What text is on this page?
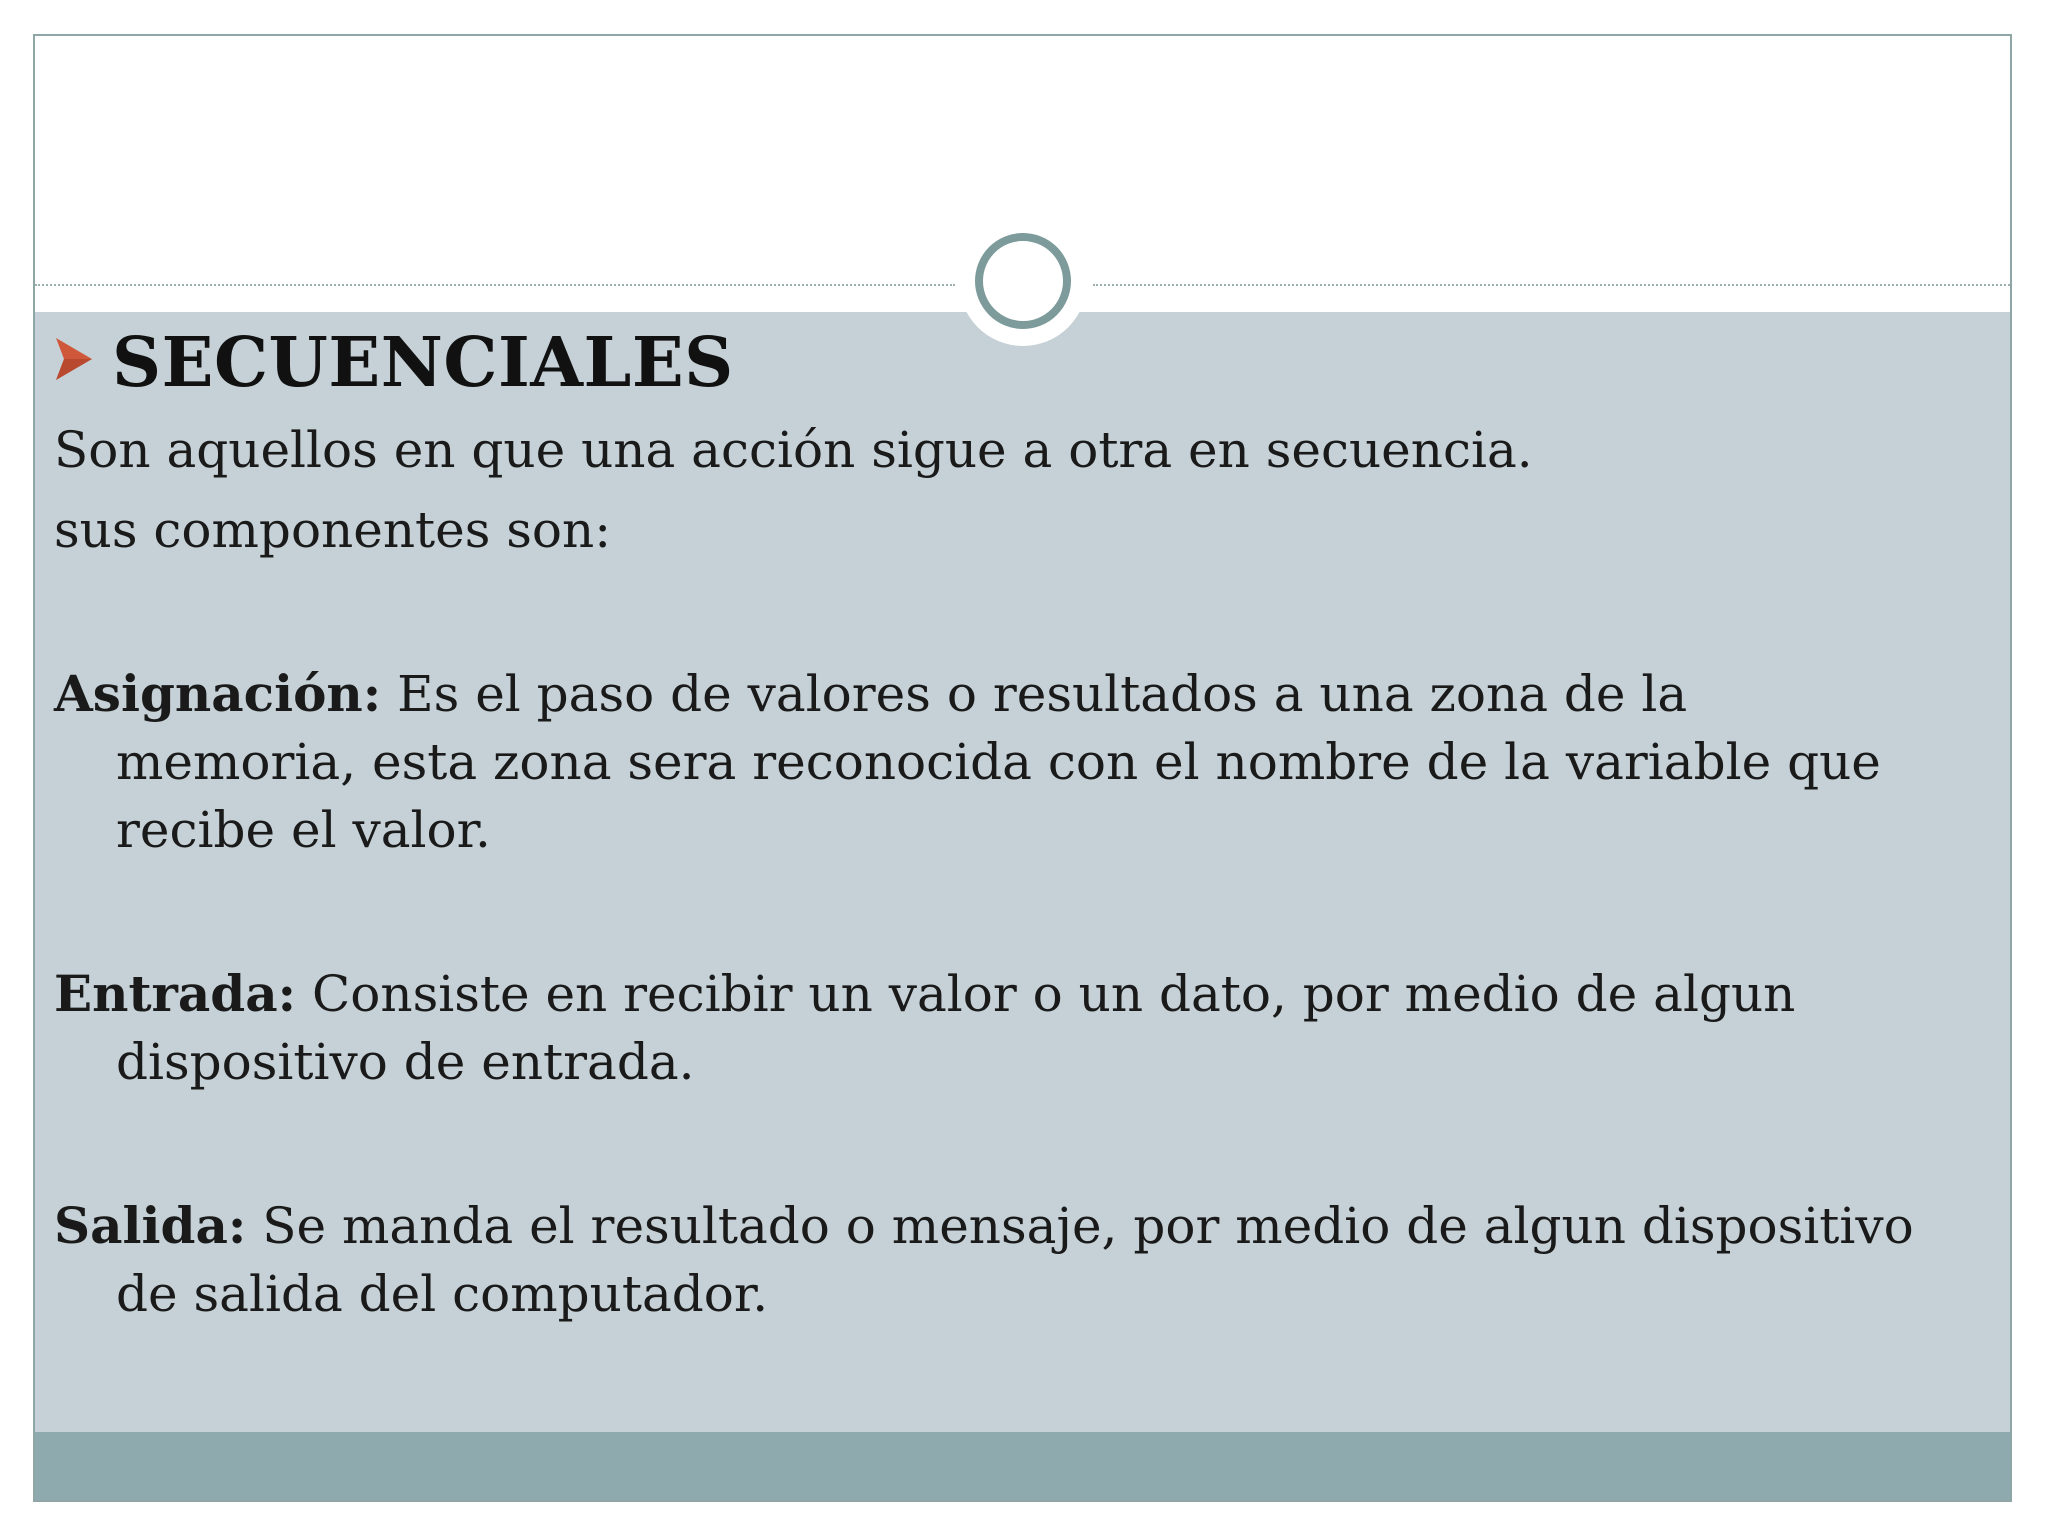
SECUENCIALES

Son aquellos en que una acción sigue a otra en secuencia.

sus componentes son:

Asignación: Es el paso de valores o resultados a una zona de la memoria, esta zona sera reconocida con el nombre de la variable que recibe el valor.

Entrada: Consiste en recibir un valor o un dato, por medio de algun dispositivo de entrada.

Salida: Se manda el resultado o mensaje, por medio de algun dispositivo de salida del computador.
